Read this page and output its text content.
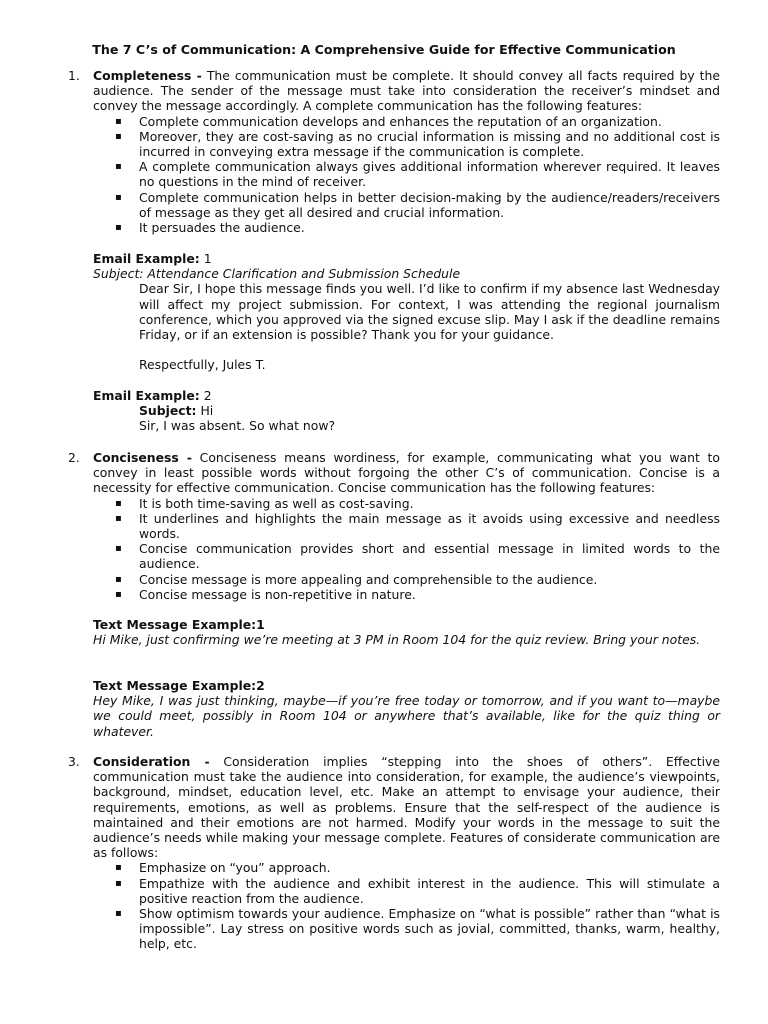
The 7 C’s of Communication: A Comprehensive Guide for Effective Communication
1. Completeness - The communication must be complete. It should convey all facts required by the audience. The sender of the message must take into consideration the receiver’s mindset and convey the message accordingly. A complete communication has the following features:

▪ Complete communication develops and enhances the reputation of an organization.

▪ Moreover, they are cost-saving as no crucial information is missing and no additional cost is incurred in conveying extra message if the communication is complete.

▪ A complete communication always gives additional information wherever required. It leaves no questions in the mind of receiver.

▪ Complete communication helps in better decision-making by the audience/readers/receivers of message as they get all desired and crucial information.

▪ It persuades the audience.

Email Example: 1

Subject: Attendance Clarification and Submission Schedule

Dear Sir, I hope this message finds you well. I’d like to confirm if my absence last Wednesday will affect my project submission. For context, I was attending the regional journalism conference, which you approved via the signed excuse slip. May I ask if the deadline remains Friday, or if an extension is possible? Thank you for your guidance.

Respectfully, Jules T.

Email Example: 2

Subject: Hi

Sir, I was absent. So what now?

2. Conciseness - Conciseness means wordiness, for example, communicating what you want to convey in least possible words without forgoing the other C’s of communication. Concise is a necessity for effective communication. Concise communication has the following features:

▪ It is both time-saving as well as cost-saving.

▪ It underlines and highlights the main message as it avoids using excessive and needless words.

▪ Concise communication provides short and essential message in limited words to the audience.

▪ Concise message is more appealing and comprehensible to the audience.

▪ Concise message is non-repetitive in nature.

Text Message Example:1

Hi Mike, just confirming we’re meeting at 3 PM in Room 104 for the quiz review. Bring your notes.

Text Message Example:2

Hey Mike, I was just thinking, maybe—if you’re free today or tomorrow, and if you want to—maybe we could meet, possibly in Room 104 or anywhere that’s available, like for the quiz thing or whatever.

3. Consideration - Consideration implies “stepping into the shoes of others”. Effective communication must take the audience into consideration, for example, the audience’s viewpoints, background, mindset, education level, etc. Make an attempt to envisage your audience, their requirements, emotions, as well as problems. Ensure that the self-respect of the audience is maintained and their emotions are not harmed. Modify your words in the message to suit the audience’s needs while making your message complete. Features of considerate communication are as follows:

▪ Emphasize on “you” approach.

▪ Empathize with the audience and exhibit interest in the audience. This will stimulate a positive reaction from the audience.

▪ Show optimism towards your audience. Emphasize on “what is possible” rather than “what is impossible”. Lay stress on positive words such as jovial, committed, thanks, warm, healthy, help, etc.
